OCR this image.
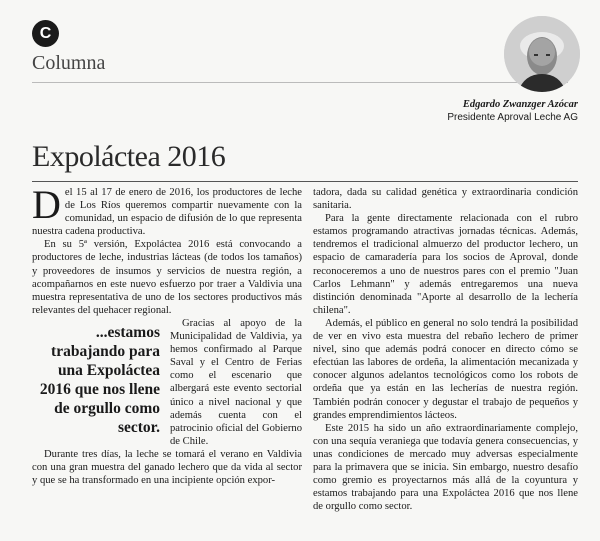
C
Columna
Edgardo Zwanzger Azócar
Presidente Aproval Leche AG
Expoláctea 2016

Del 15 al 17 de enero de 2016, los productores de leche de Los Ríos queremos compartir nuevamente con la comunidad, un espacio de difusión de lo que representa nuestra cadena productiva.

En su 5ª versión, Expoláctea 2016 está convocando a productores de leche, industrias lácteas (de todos los tamaños) y proveedores de insumos y servicios de nuestra región, a acompañarnos en este nuevo esfuerzo por traer a Valdivia una muestra representativa de uno de los sectores productivos más relevantes del quehacer regional.

...estamos
trabajando para
una Expoláctea
2016 que nos llene
de orgullo como
sector.
Gracias al apoyo de la Municipalidad de Valdivia, ya hemos confirmado al Parque Saval y el Centro de Ferias como el escenario que albergará este evento sectorial único a nivel nacional y que además cuenta con el patrocinio oficial del Gobierno de Chile.

Durante tres días, la leche se tomará el verano en Valdivia con una gran muestra del ganado lechero que da vida al sector y que se ha transformado en una incipiente opción expor-

tadora, dada su calidad genética y extraordinaria condición sanitaria.

Para la gente directamente relacionada con el rubro estamos programando atractivas jornadas técnicas. Además, tendremos el tradicional almuerzo del productor lechero, un espacio de camaradería para los socios de Aproval, donde reconoceremos a uno de nuestros pares con el premio "Juan Carlos Lehmann" y además entregaremos una nueva distinción denominada "Aporte al desarrollo de la lechería chilena".

Además, el público en general no solo tendrá la posibilidad de ver en vivo esta muestra del rebaño lechero de primer nivel, sino que además podrá conocer en directo cómo se efectúan las labores de ordeña, la alimentación mecanizada y conocer algunos adelantos tecnológicos como los robots de ordeña que ya están en las lecherías de nuestra región. También podrán conocer y degustar el trabajo de pequeños y grandes emprendimientos lácteos.

Este 2015 ha sido un año extraordinariamente complejo, con una sequía veraniega que todavía genera consecuencias, y unas condiciones de mercado muy adversas especialmente para la primavera que se inicia. Sin embargo, nuestro desafío como gremio es proyectarnos más allá de la coyuntura y estamos trabajando para una Expoláctea 2016 que nos llene de orgullo como sector.
